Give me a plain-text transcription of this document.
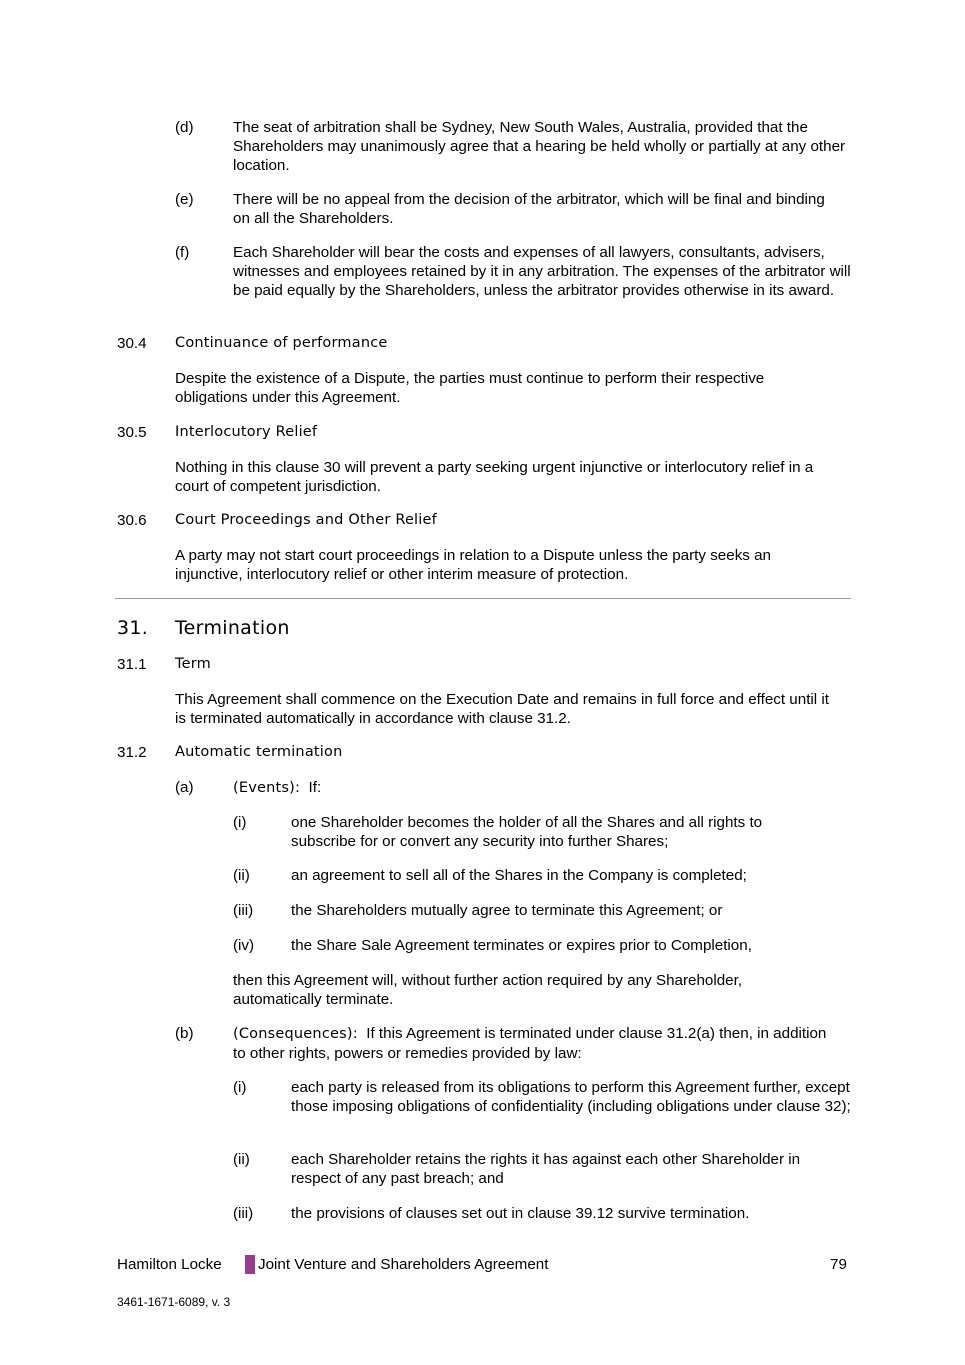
(d)	The seat of arbitration shall be Sydney, New South Wales, Australia, provided that the Shareholders may unanimously agree that a hearing be held wholly or partially at any other location.
(e)	There will be no appeal from the decision of the arbitrator, which will be final and binding on all the Shareholders.
(f)	Each Shareholder will bear the costs and expenses of all lawyers, consultants, advisers, witnesses and employees retained by it in any arbitration. The expenses of the arbitrator will be paid equally by the Shareholders, unless the arbitrator provides otherwise in its award.
30.4 Continuance of performance
Despite the existence of a Dispute, the parties must continue to perform their respective obligations under this Agreement.
30.5 Interlocutory Relief
Nothing in this clause 30 will prevent a party seeking urgent injunctive or interlocutory relief in a court of competent jurisdiction.
30.6 Court Proceedings and Other Relief
A party may not start court proceedings in relation to a Dispute unless the party seeks an injunctive, interlocutory relief or other interim measure of protection.
31. Termination
31.1 Term
This Agreement shall commence on the Execution Date and remains in full force and effect until it is terminated automatically in accordance with clause 31.2.
31.2 Automatic termination
(a)	(Events):  If:
(i)	one Shareholder becomes the holder of all the Shares and all rights to subscribe for or convert any security into further Shares;
(ii)	an agreement to sell all of the Shares in the Company is completed;
(iii) the Shareholders mutually agree to terminate this Agreement; or
(iv) the Share Sale Agreement terminates or expires prior to Completion,
then this Agreement will, without further action required by any Shareholder, automatically terminate.
(b)	(Consequences):  If this Agreement is terminated under clause 31.2(a) then, in addition to other rights, powers or remedies provided by law:
(i)	each party is released from its obligations to perform this Agreement further, except those imposing obligations of confidentiality (including obligations under clause 32);
(ii)	each Shareholder retains the rights it has against each other Shareholder in respect of any past breach; and
(iii) the provisions of clauses set out in clause 39.12 survive termination.
Hamilton Locke Joint Venture and Shareholders Agreement	79
3461-1671-6089, v. 3
